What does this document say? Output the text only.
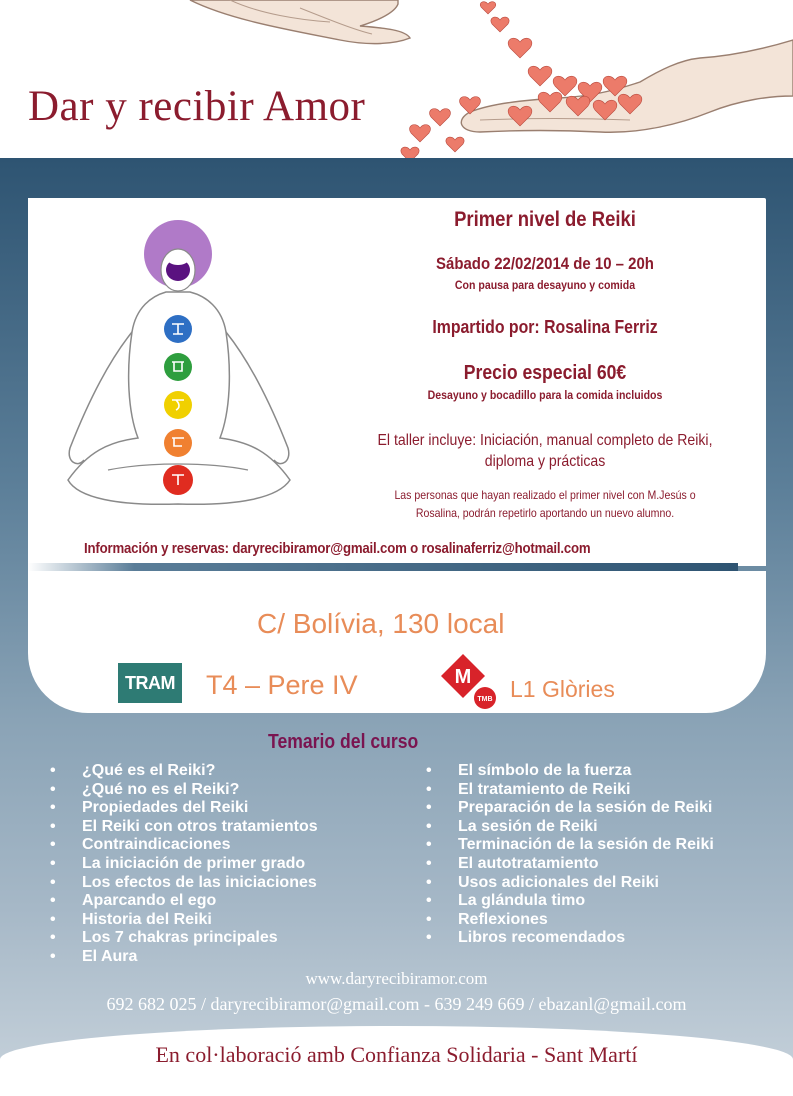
Dar y recibir Amor
Primer nivel de Reiki
Sábado 22/02/2014 de 10 – 20h
Con pausa para desayuno y comida
Impartido por: Rosalina Ferriz
Precio especial 60€
Desayuno y bocadillo para la comida incluidos
El taller incluye: Iniciación, manual completo de Reiki,
diploma y prácticas
Las personas que hayan realizado el primer nivel con M.Jesús o
Rosalina, podrán repetirlo aportando un nuevo alumno.
Información y reservas: daryrecibiramor@gmail.com o rosalinaferriz@hotmail.com
C/ Bolívia, 130 local
TRAM T4 – Pere IV	M
TMB L1 Glòries
Temario del curso
• ¿Qué es el Reiki?
• ¿Qué no es el Reiki?
• Propiedades del Reiki
• El Reiki con otros tratamientos
• Contraindicaciones
• La iniciación de primer grado
• Los efectos de las iniciaciones
• Aparcando el ego
• Historia del Reiki
• Los 7 chakras principales
• El Aura
• El símbolo de la fuerza
• El tratamiento de Reiki
• Preparación de la sesión de Reiki
• La sesión de Reiki
• Terminación de la sesión de Reiki
• El autotratamiento
• Usos adicionales del Reiki
• La glándula timo
• Reflexiones
• Libros recomendados
www.daryrecibiramor.com
692 682 025 / daryrecibiramor@gmail.com - 639 249 669 / ebazanl@gmail.com
En col·laboració amb Confianza Solidaria - Sant Martí
